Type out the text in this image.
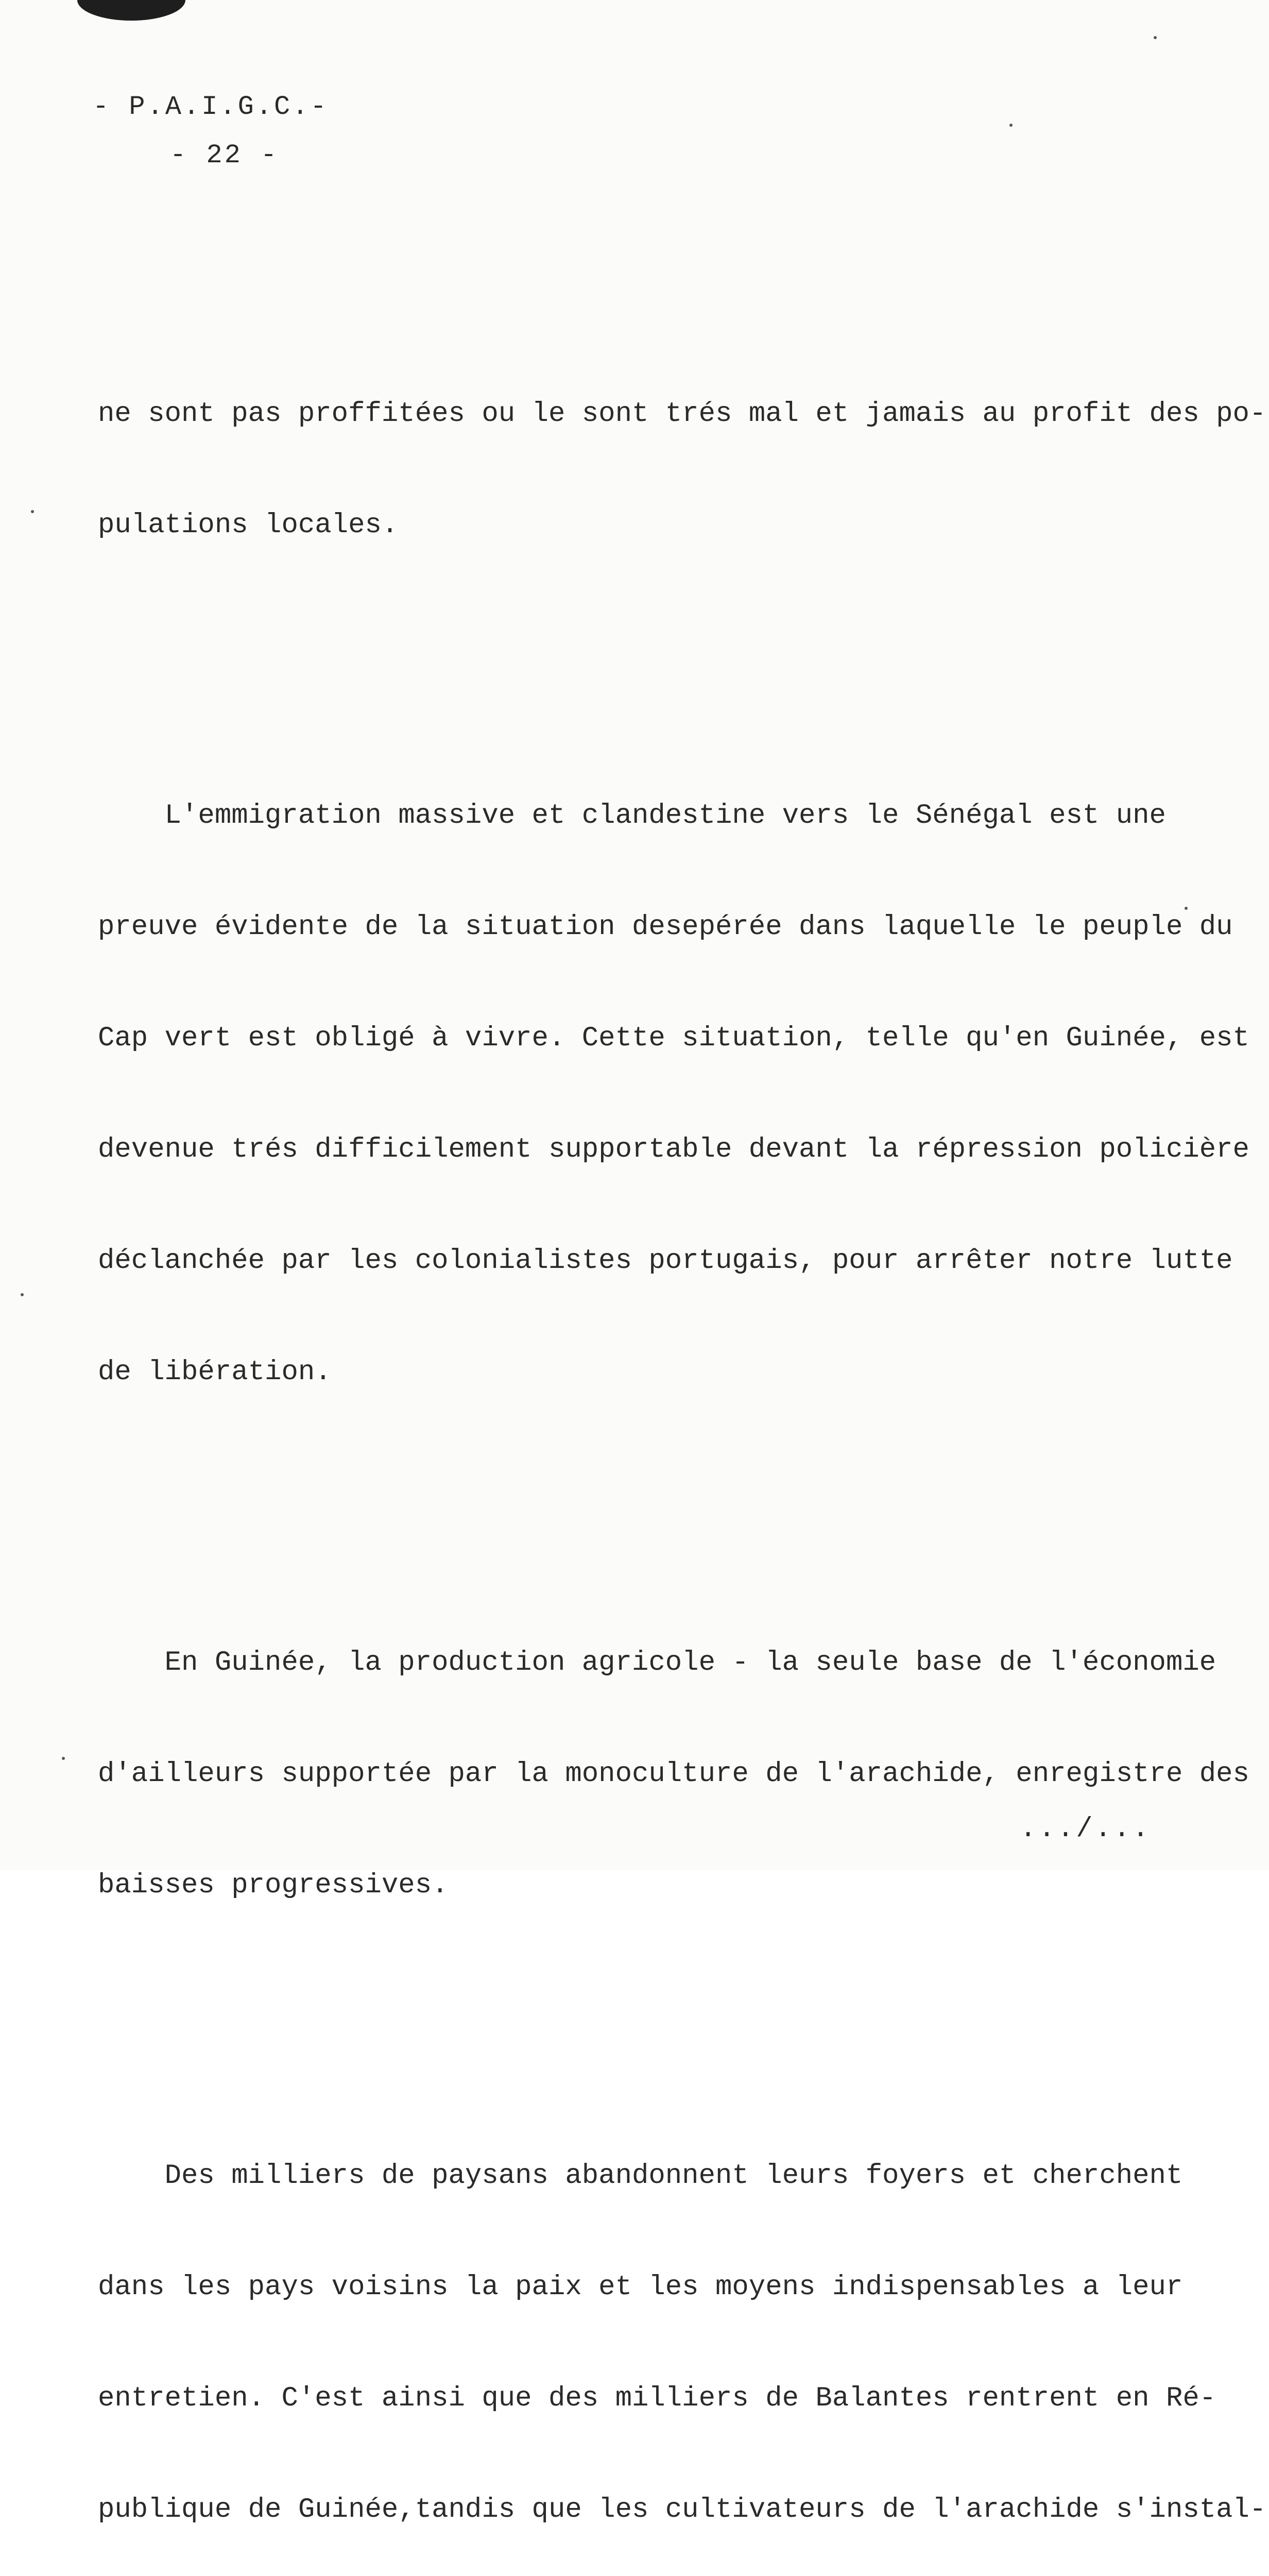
- P.A.I.G.C.-
- 22 -

ne sont pas proffitées ou le sont trés mal et jamais au profit des po-

pulations locales.

L'emmigration massive et clandestine vers le Sénégal est une

preuve évidente de la situation desepérée dans laquelle le peuple du

Cap vert est obligé à vivre. Cette situation, telle qu'en Guinée, est

devenue trés difficilement supportable devant la répression policière

déclanchée par les colonialistes portugais, pour arrêter notre lutte

de libération.

En Guinée, la production agricole - la seule base de l'économie

d'ailleurs supportée par la monoculture de l'arachide, enregistre des

baisses progressives.

Des milliers de paysans abandonnent leurs foyers et cherchent

dans les pays voisins la paix et les moyens indispensables a leur

entretien. C'est ainsi que des milliers de Balantes rentrent en Ré-

publique de Guinée,tandis que les cultivateurs de l'arachide s'instal-

.../...
